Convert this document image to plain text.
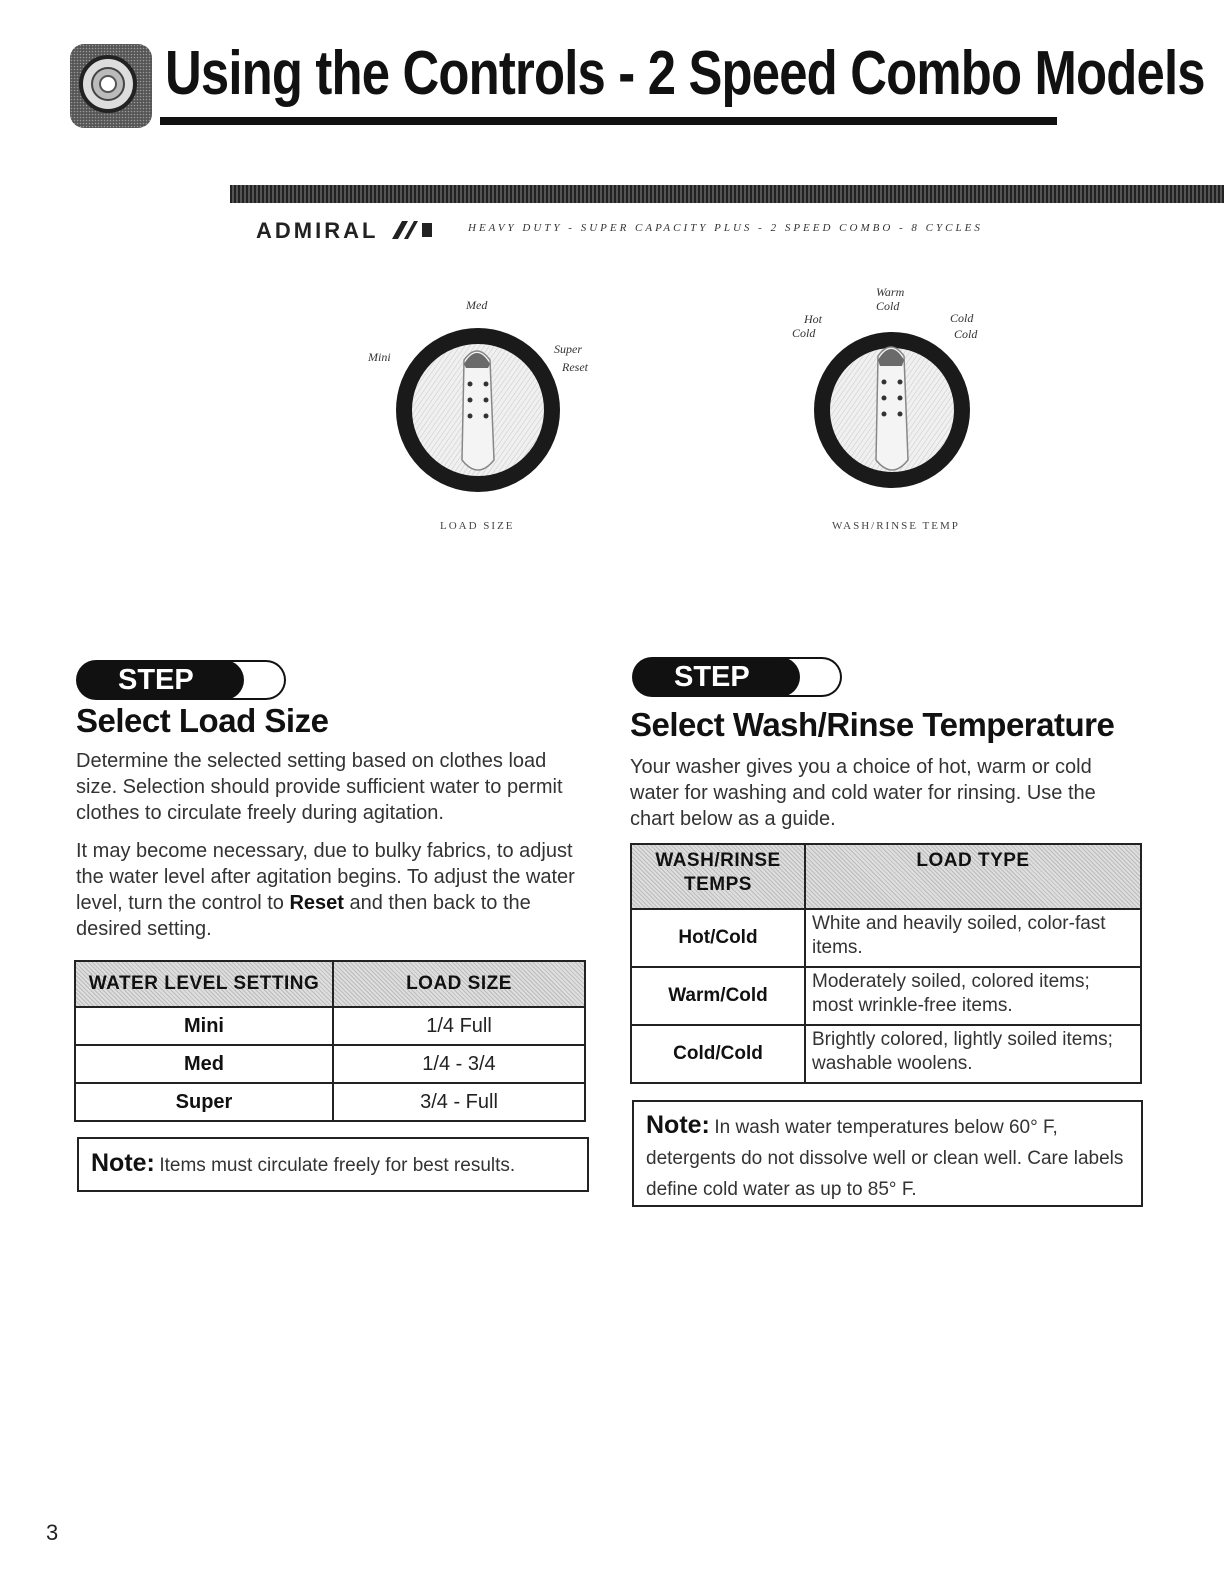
Using the Controls - 2 Speed Combo Models
ADMIRAL	HEAVY DUTY - SUPER CAPACITY PLUS - 2 SPEED COMBO - 8 CYCLES
Med
Mini
Super
Reset
LOAD SIZE
Warm
Cold
Hot
Cold
Cold
Cold
WASH/RINSE TEMP
STEP	1
Select Load Size
Determine the selected setting based on clothes load size. Selection should provide sufficient water to permit clothes to circulate freely during agitation.
It may become necessary, due to bulky fabrics, to adjust the water level after agitation begins. To adjust the water level, turn the control to Reset and then back to the desired setting.
WATER LEVEL SETTING	LOAD SIZE
Mini	1/4 Full
Med	1/4 - 3/4
Super	3/4 - Full
Note: Items must circulate freely for best results.
STEP	2
Select Wash/Rinse Temperature
Your washer gives you a choice of hot, warm or cold water for washing and cold water for rinsing. Use the chart below as a guide.
WASH/RINSE TEMPS	LOAD TYPE
Hot/Cold	White and heavily soiled, color-fast items.
Warm/Cold	Moderately soiled, colored items; most wrinkle-free items.
Cold/Cold	Brightly colored, lightly soiled items; washable woolens.
Note: In wash water temperatures below 60° F, detergents do not dissolve well or clean well. Care labels define cold water as up to 85° F.
3
